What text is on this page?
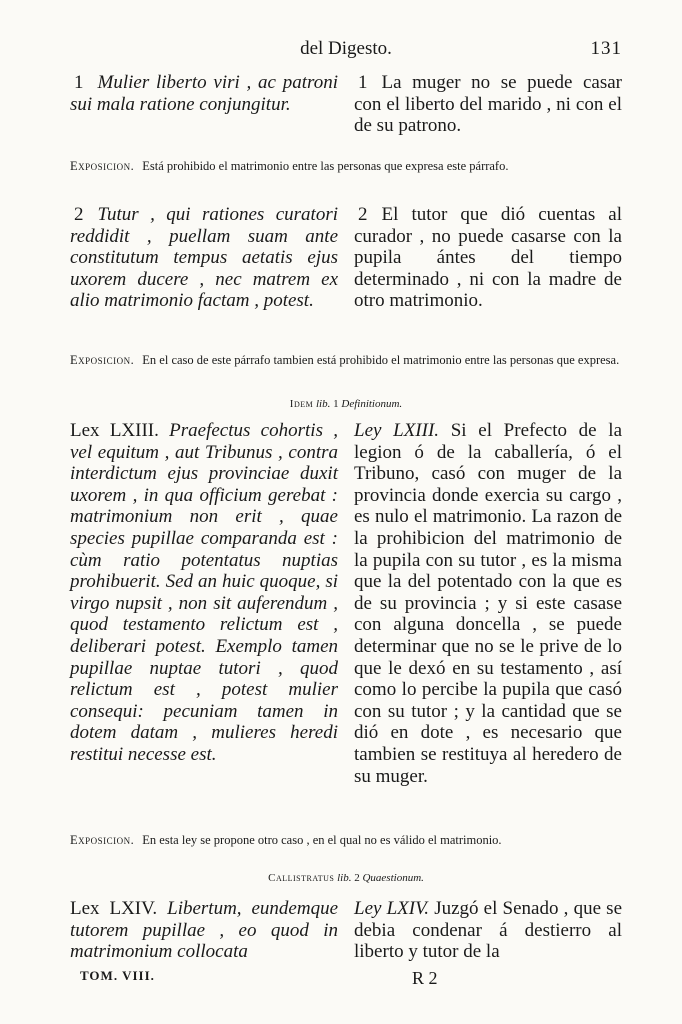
del Digesto.	131
1 Mulier liberto viri , ac patroni sui mala ratione conjungitur.
1 La muger no se puede casar con el liberto del marido , ni con el de su patrono.
Exposicion. Está prohibido el matrimonio entre las personas que expresa este párrafo.
2 Tutur , qui rationes curatori reddidit , puellam suam ante constitutum tempus aetatis ejus uxorem ducere , nec matrem ex alio matrimonio factam , potest.
2 El tutor que dió cuentas al curador , no puede casarse con la pupila ántes del tiempo determinado , ni con la madre de otro matrimonio.
Exposicion. En el caso de este párrafo tambien está prohibido el matrimonio entre las personas que expresa.
Idem lib. 1 Definitionum.
Lex LXIII. Praefectus cohortis , vel equitum , aut Tribunus , contra interdictum ejus provinciae duxit uxorem , in qua officium gerebat : matrimonium non erit , quae species pupillae comparanda est : cùm ratio potentatus nuptias prohibuerit. Sed an huic quoque, si virgo nupsit , non sit auferendum , quod testamento relictum est , deliberari potest. Exemplo tamen pupillae nuptae tutori , quod relictum est , potest mulier consequi: pecuniam tamen in dotem datam , mulieres heredi restitui necesse est.
Ley LXIII. Si el Prefecto de la legion ó de la caballería, ó el Tribuno, casó con muger de la provincia donde exercia su cargo , es nulo el matrimonio. La razon de la prohibicion del matrimonio de la pupila con su tutor , es la misma que la del potentado con la que es de su provincia ; y si este casase con alguna doncella , se puede determinar que no se le prive de lo que le dexó en su testamento , así como lo percibe la pupila que casó con su tutor ; y la cantidad que se dió en dote , es necesario que tambien se restituya al heredero de su muger.
Exposicion. En esta ley se propone otro caso , en el qual no es válido el matrimonio.
Callistratus lib. 2 Quaestionum.
Lex LXIV. Libertum, eundemque tutorem pupillae , eo quod in matrimonium collocata
Ley LXIV. Juzgó el Senado , que se debia condenar á destierro al liberto y tutor de la
TOM. VIII.	R 2
